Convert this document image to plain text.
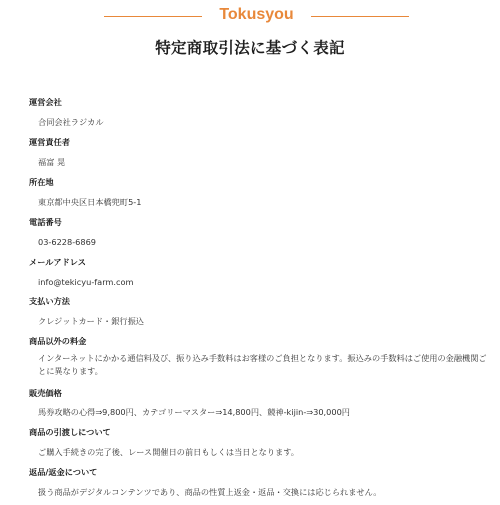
Tokusyou
特定商取引法に基づく表記
運営会社
合同会社ラジカル
運営責任者
福富 晃
所在地
東京都中央区日本橋兜町5-1
電話番号
03-6228-6869
メールアドレス
info@tekicyu-farm.com
支払い方法
クレジットカード・銀行振込
商品以外の料金
インターネットにかかる通信料及び、振り込み手数料はお客様のご負担となります。振込みの手数料はご使用の金融機関ごとに異なります。
販売価格
馬券攻略の心得⇒9,800円、カテゴリーマスター⇒14,800円、競神-kijin-⇒30,000円
商品の引渡しについて
ご購入手続きの完了後、レース開催日の前日もしくは当日となります。
返品/返金について
扱う商品がデジタルコンテンツであり、商品の性質上返金・返品・交換には応じられません。
